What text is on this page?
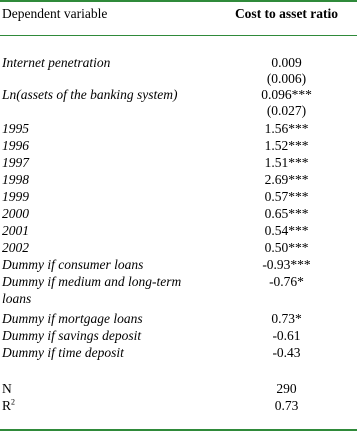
Dependent variable	Cost to asset ratio
Internet penetration	0.009
(0.006)
Ln(assets of the banking system)	0.096***
(0.027)
1995	1.56***
1996	1.52***
1997	1.51***
1998	2.69***
1999	0.57***
2000	0.65***
2001	0.54***
2002	0.50***
Dummy if consumer loans	-0.93***
Dummy if medium and long-term	-0.76*
loans
Dummy if mortgage loans	0.73*
Dummy if savings deposit	-0.61
Dummy if time deposit	-0.43
N	290
$R^2$	0.73
